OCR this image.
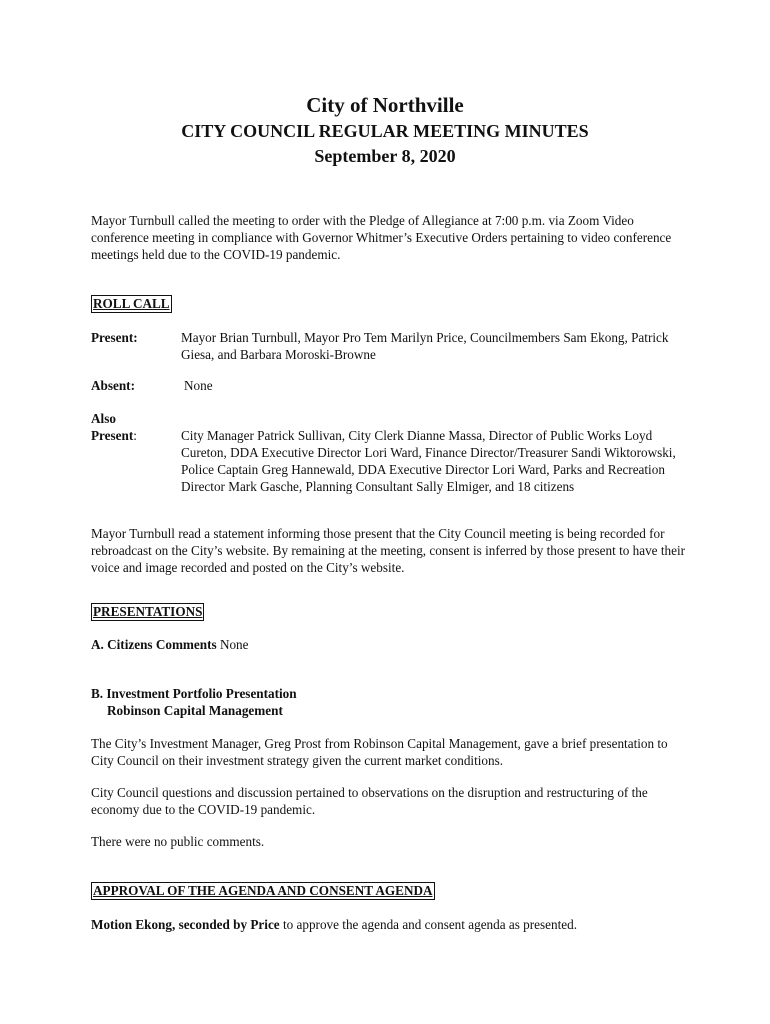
City of Northville
CITY COUNCIL REGULAR MEETING MINUTES
September 8, 2020
Mayor Turnbull called the meeting to order with the Pledge of Allegiance at 7:00 p.m. via Zoom Video conference meeting in compliance with Governor Whitmer’s Executive Orders pertaining to video conference meetings held due to the COVID-19 pandemic.
ROLL CALL
Present:	Mayor Brian Turnbull, Mayor Pro Tem Marilyn Price, Councilmembers Sam Ekong, Patrick Giesa, and Barbara Moroski-Browne
Absent:	None
Also
Present:	City Manager Patrick Sullivan, City Clerk Dianne Massa, Director of Public Works Loyd Cureton, DDA Executive Director Lori Ward, Finance Director/Treasurer Sandi Wiktorowski, Police Captain Greg Hannewald, DDA Executive Director Lori Ward, Parks and Recreation Director Mark Gasche, Planning Consultant Sally Elmiger, and 18 citizens
Mayor Turnbull read a statement informing those present that the City Council meeting is being recorded for rebroadcast on the City’s website. By remaining at the meeting, consent is inferred by those present to have their voice and image recorded and posted on the City’s website.
PRESENTATIONS
A. Citizens Comments None
B. Investment Portfolio Presentation
Robinson Capital Management
The City’s Investment Manager, Greg Prost from Robinson Capital Management, gave a brief presentation to City Council on their investment strategy given the current market conditions.
City Council questions and discussion pertained to observations on the disruption and restructuring of the economy due to the COVID-19 pandemic.
There were no public comments.
APPROVAL OF THE AGENDA AND CONSENT AGENDA
Motion Ekong, seconded by Price to approve the agenda and consent agenda as presented.
